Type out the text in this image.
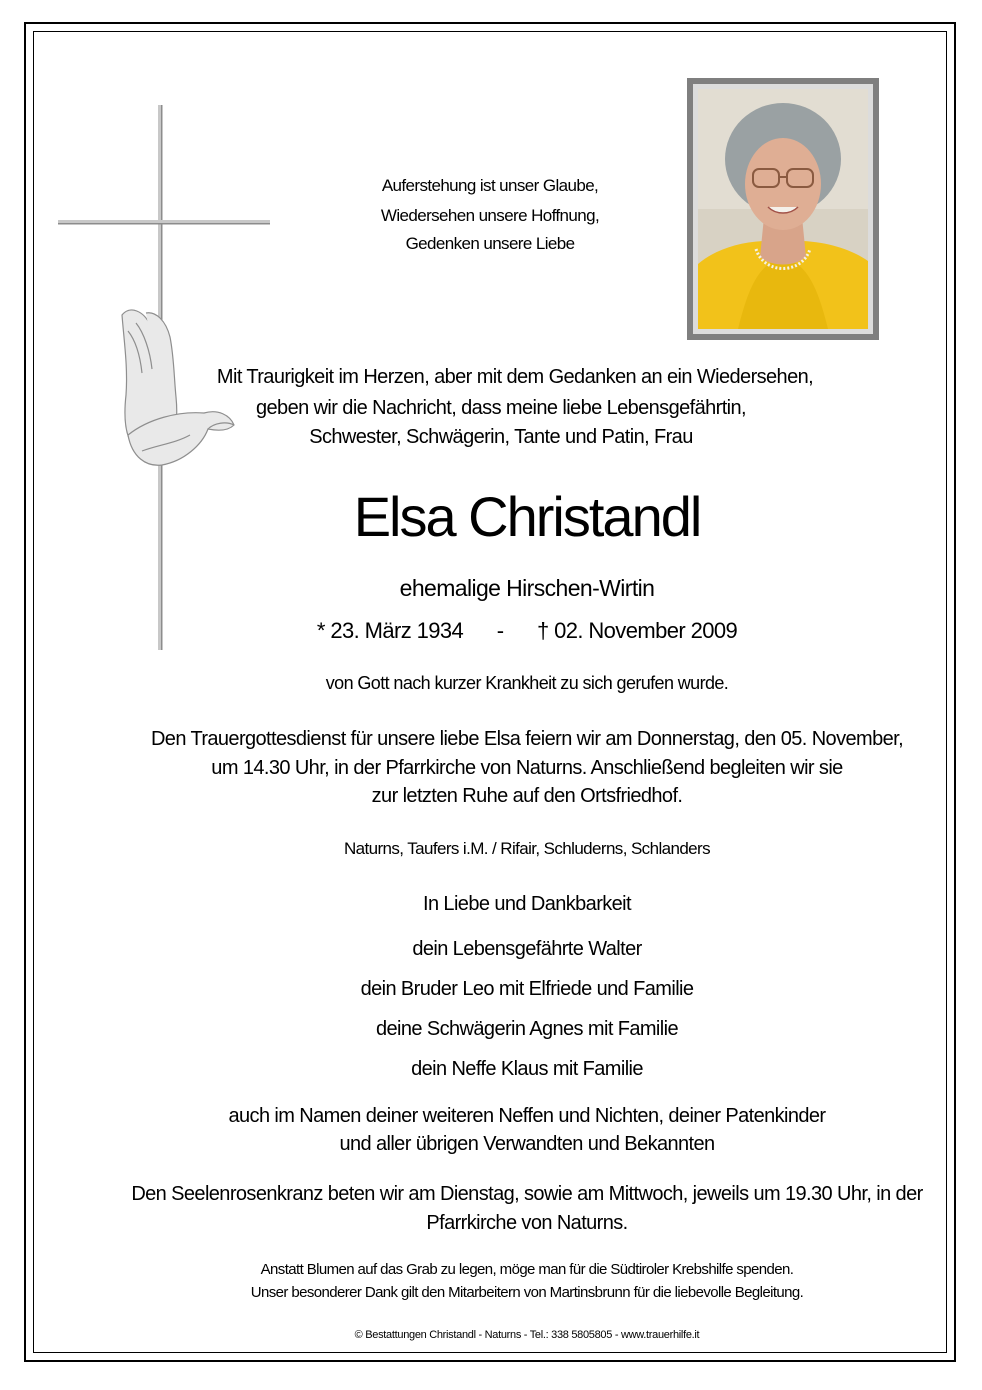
Auferstehung ist unser Glaube,
Wiedersehen unsere Hoffnung,
Gedenken unsere Liebe
Mit Traurigkeit im Herzen, aber mit dem Gedanken an ein Wiedersehen,
geben wir die Nachricht, dass meine liebe Lebensgefährtin,
Schwester, Schwägerin, Tante und Patin, Frau
Elsa Christandl
ehemalige Hirschen-Wirtin
* 23. März 1934 - † 02. November 2009
von Gott nach kurzer Krankheit zu sich gerufen wurde.
Den Trauergottesdienst für unsere liebe Elsa feiern wir am Donnerstag, den 05. November,
um 14.30 Uhr, in der Pfarrkirche von Naturns. Anschließend begleiten wir sie
zur letzten Ruhe auf den Ortsfriedhof.
Naturns, Taufers i.M. / Rifair, Schluderns, Schlanders
In Liebe und Dankbarkeit
dein Lebensgefährte Walter
dein Bruder Leo mit Elfriede und Familie
deine Schwägerin Agnes mit Familie
dein Neffe Klaus mit Familie
auch im Namen deiner weiteren Neffen und Nichten, deiner Patenkinder
und aller übrigen Verwandten und Bekannten
Den Seelenrosenkranz beten wir am Dienstag, sowie am Mittwoch, jeweils um 19.30 Uhr, in der
Pfarrkirche von Naturns.
Anstatt Blumen auf das Grab zu legen, möge man für die Südtiroler Krebshilfe spenden.
Unser besonderer Dank gilt den Mitarbeitern von Martinsbrunn für die liebevolle Begleitung.
© Bestattungen Christandl - Naturns - Tel.: 338 5805805 - www.trauerhilfe.it
